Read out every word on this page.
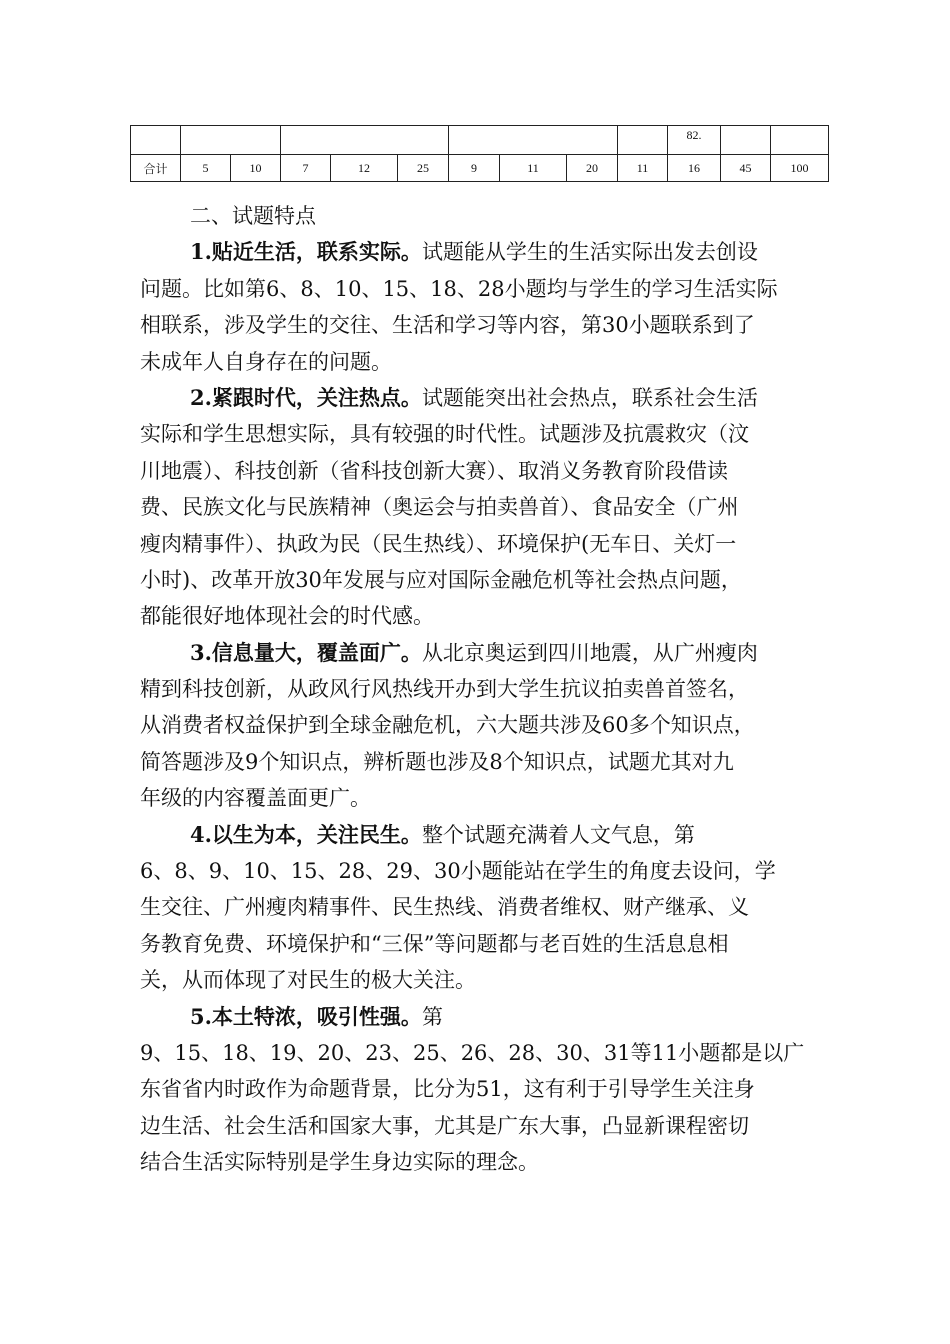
										82.		
合计	5	10	7	12	25	9	11	20	11	16	45	100
二、试题特点
1.贴近生活，联系实际。试题能从学生的生活实际出发去创设
问题。比如第6、8、10、15、18、28小题均与学生的学习生活实际
相联系，涉及学生的交往、生活和学习等内容，第30小题联系到了
未成年人自身存在的问题。
2.紧跟时代，关注热点。试题能突出社会热点，联系社会生活
实际和学生思想实际，具有较强的时代性。试题涉及抗震救灾（汶
川地震）、科技创新（省科技创新大赛）、取消义务教育阶段借读
费、民族文化与民族精神（奥运会与拍卖兽首）、食品安全（广州
瘦肉精事件）、执政为民（民生热线）、环境保护(无车日、关灯一
小时)、改革开放30年发展与应对国际金融危机等社会热点问题，
都能很好地体现社会的时代感。
3.信息量大，覆盖面广。从北京奥运到四川地震，从广州瘦肉
精到科技创新，从政风行风热线开办到大学生抗议拍卖兽首签名，
从消费者权益保护到全球金融危机，六大题共涉及60多个知识点，
简答题涉及9个知识点，辨析题也涉及8个知识点，试题尤其对九
年级的内容覆盖面更广。
4.以生为本，关注民生。整个试题充满着人文气息，第
6、8、9、10、15、28、29、30小题能站在学生的角度去设问，学
生交往、广州瘦肉精事件、民生热线、消费者维权、财产继承、义
务教育免费、环境保护和“三保”等问题都与老百姓的生活息息相
关，从而体现了对民生的极大关注。
5.本土特浓，吸引性强。第
9、15、18、19、20、23、25、26、28、30、31等11小题都是以广
东省省内时政作为命题背景，比分为51，这有利于引导学生关注身
边生活、社会生活和国家大事，尤其是广东大事，凸显新课程密切
结合生活实际特别是学生身边实际的理念。
